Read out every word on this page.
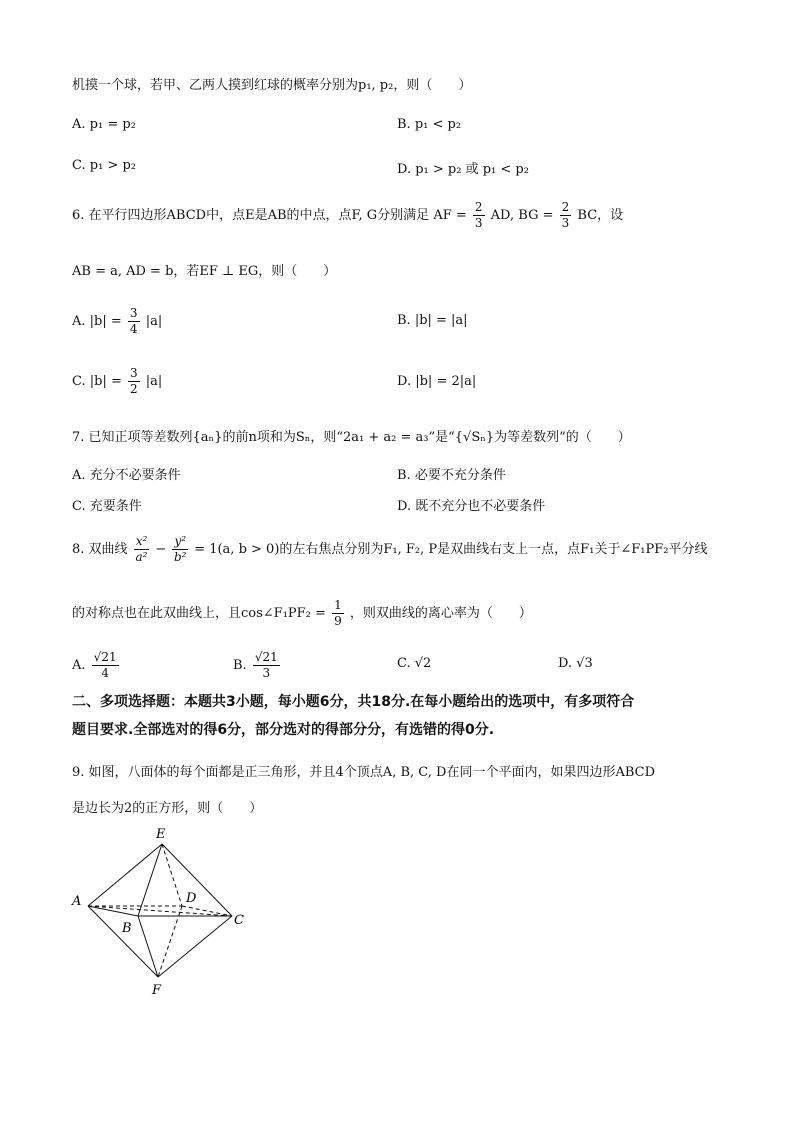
机摸一个球，若甲、乙两人摸到红球的概率分别为p₁, p₂，则（　　）
A. p₁ = p₂	B. p₁ < p₂
C. p₁ > p₂	D. p₁ > p₂ 或 p₁ < p₂
6. 在平行四边形ABCD中，点E是AB的中点，点F, G分别满足 AF = $\frac{2}{3}$ AD, BG = $\frac{2}{3}$ BC，设
AB = a, AD = b，若EF ⊥ EG，则（　　）
A. $|b| = \frac{3}{4} |a|$	B. |b| = |a|
C. $|b| = \frac{3}{2} |a|$	D. |b| = 2|a|
7. 已知正项等差数列{aₙ}的前n项和为Sₙ，则“2a₁ + a₂ = a₃”是“{√Sₙ}为等差数列”的（　　）
A. 充分不必要条件	B. 必要不充分条件
C. 充要条件	D. 既不充分也不必要条件
8. 双曲线 $\frac{\text{x²}}{\text{a²}} - \frac{\text{y²}}{\text{b²}} = 1(a$, b > 0)的左右焦点分别为F₁, F₂, P是双曲线右支上一点，点F₁关于∠F₁PF₂平分线
的对称点也在此双曲线上，且cos∠F₁PF₂ = $\frac{1}{9}$ ，则双曲线的离心率为（　　）
A. $\frac{√21}{4}$	B. $\frac{√21}{3}$	C. √2	D. √3
二、多项选择题：本题共3小题，每小题6分，共18分.在每小题给出的选项中，有多项符合
题目要求.全部选对的得6分，部分选对的得部分分，有选错的得0分.
9. 如图，八面体的每个面都是正三角形，并且4个顶点A, B, C, D在同一个平面内，如果四边形ABCD
是边长为2的正方形，则（　　）
E
A	D
B
C
F
